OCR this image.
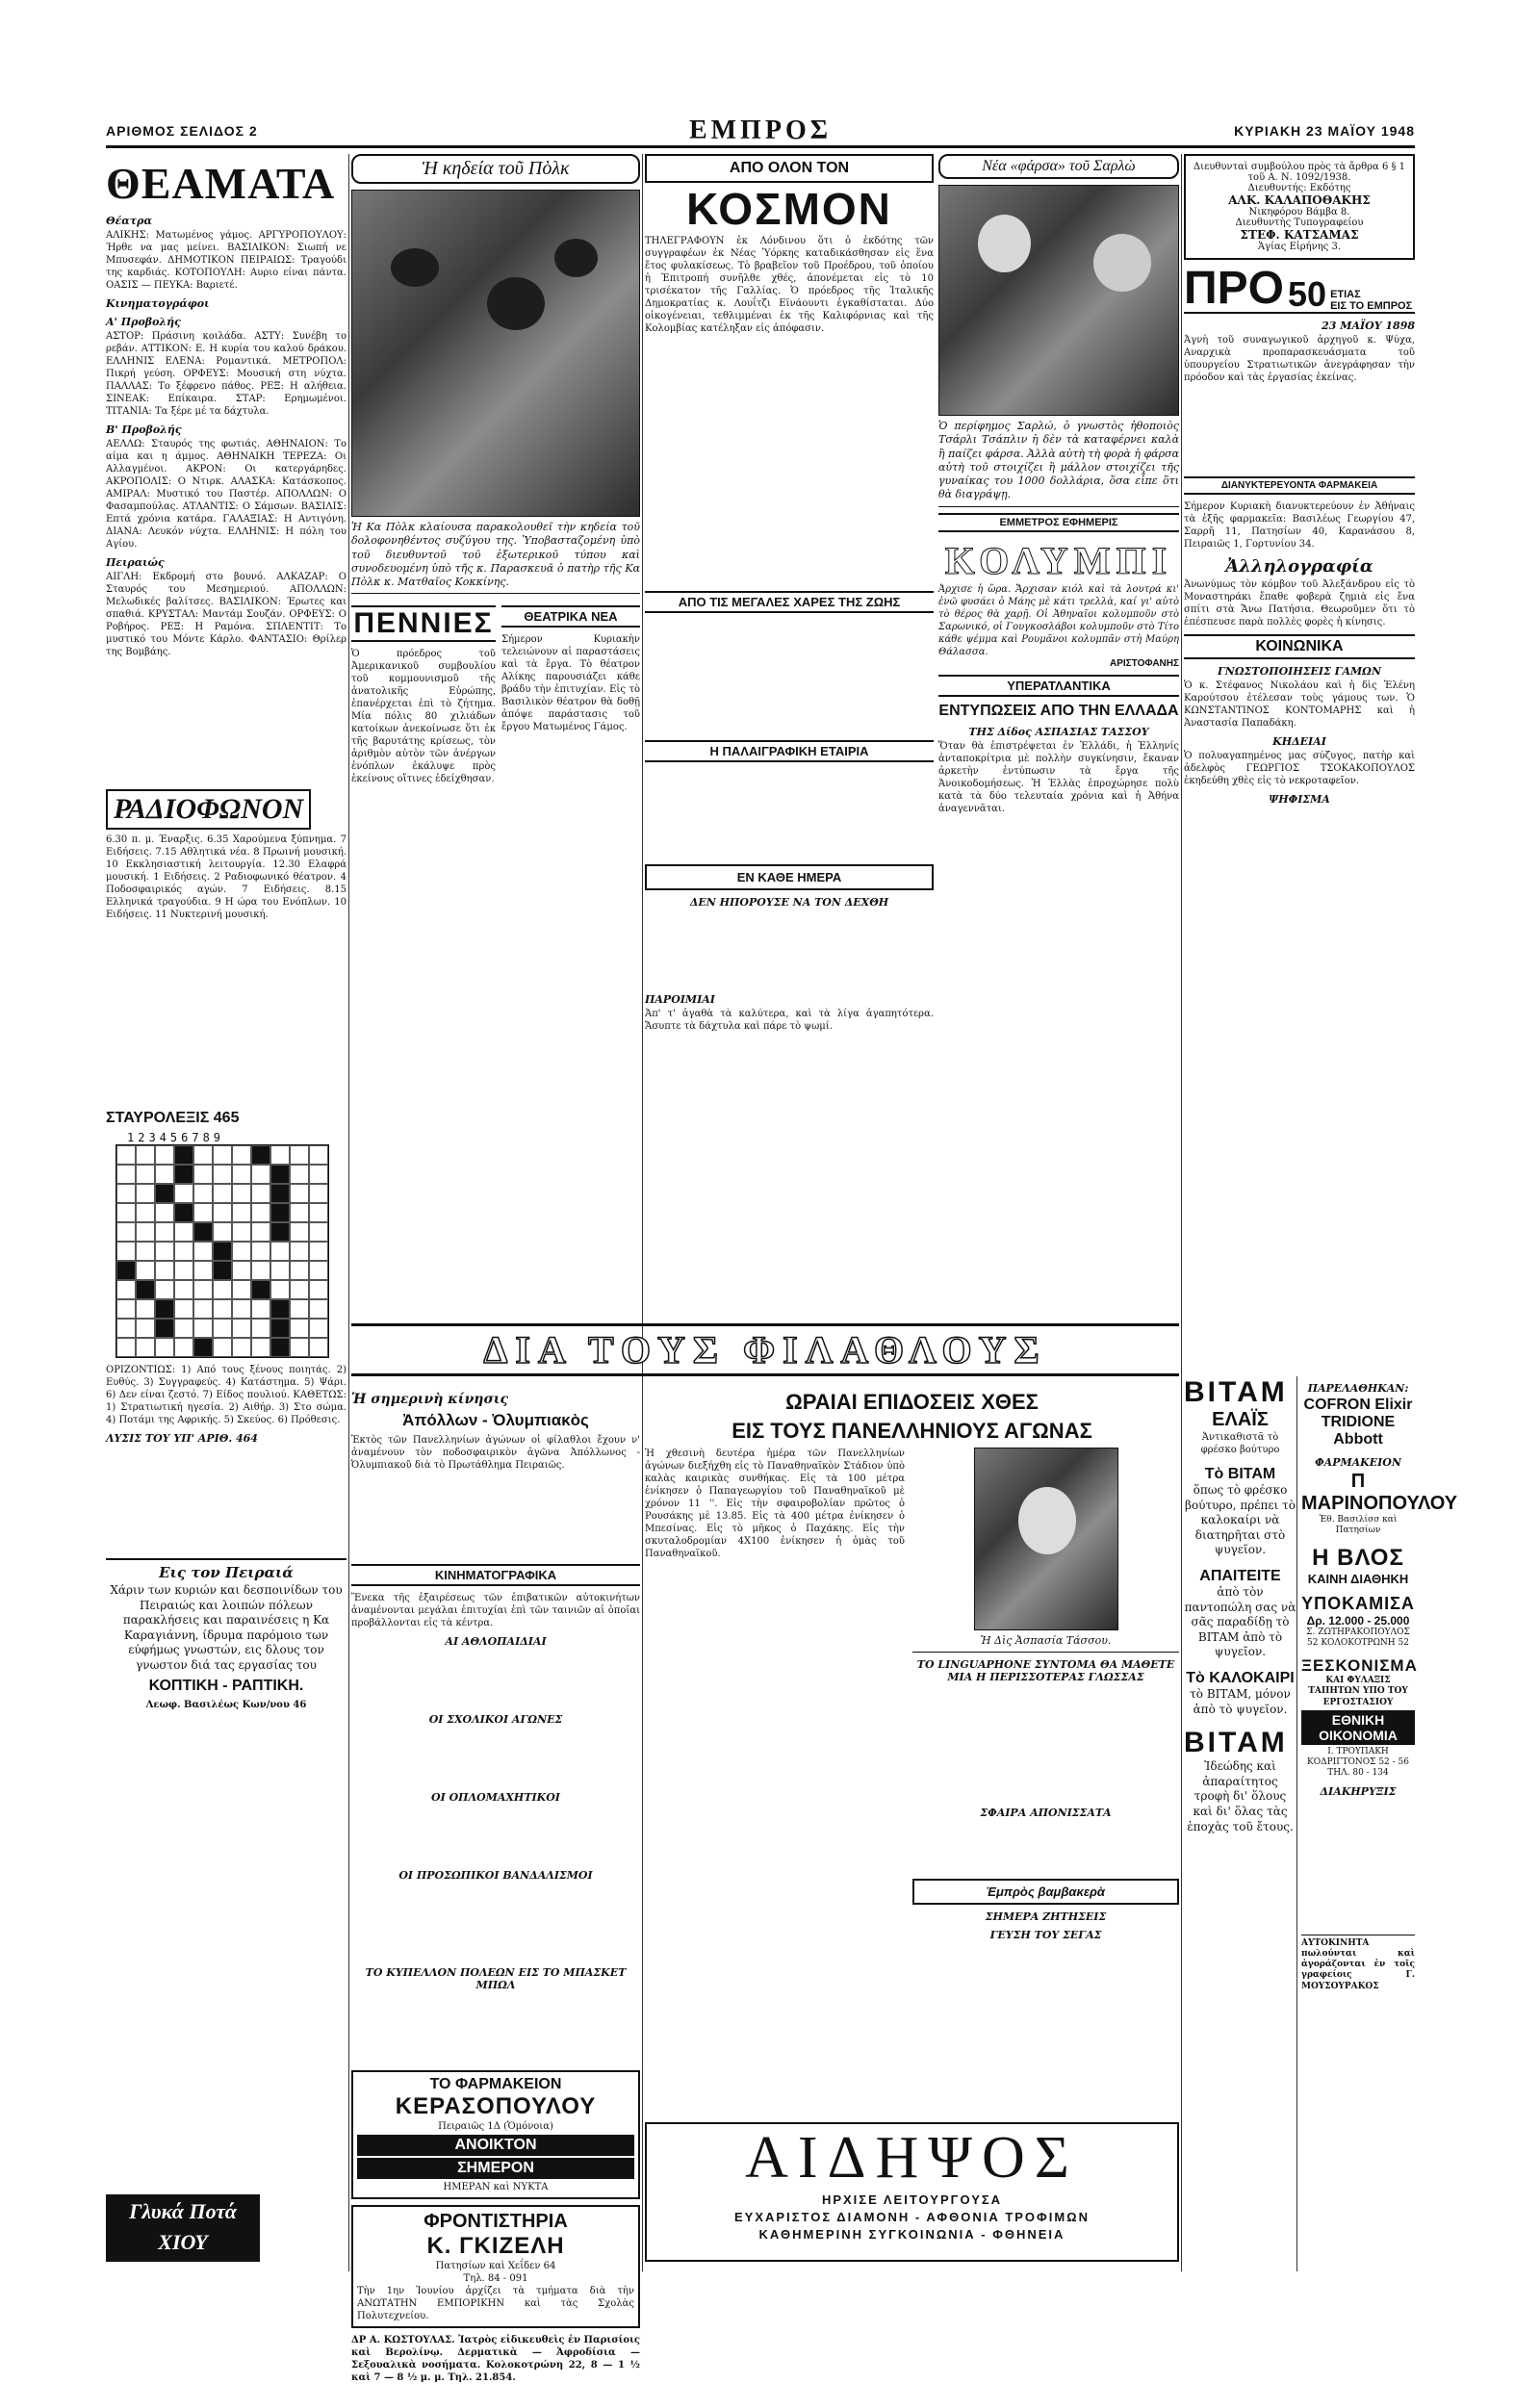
ΑΡΙΘΜΟΣ ΣΕΛΙΔΟΣ 2	ΕΜΠΡΟΣ	ΚΥΡΙΑΚΗ 23 ΜΑΪΟΥ 1948
ΘΕΑΜΑΤΑ
Θέατρα
ΑΛΙΚΗΣ: Ματωμένος γάμος. ΑΡΓΥΡΟΠΟΥΛΟΥ: Ήρθε να μας μείνει. ΒΑΣΙΛΙΚΟΝ: Σιωπή νε Μπυσεφάν. ΔΗΜΟΤΙΚΟΝ ΠΕΙΡΑΙΩΣ: Τραγούδι της καρδιάς. ΚΟΤΟΠΟΥΛΗ: Αυριο είναι πάντα. ΟΑΣΙΣ — ΠΕΥΚΑ: Βαριετέ.
Κινηματογράφοι
Α' Προβολής
ΑΣΤΟΡ: Πράσινη κοιλάδα. ΑΣΤΥ: Συνέβη το ρεβάν. ΑΤΤΙΚΟΝ: Ε. Η κυρία του καλού δράκου. ΕΛΛΗΝΙΣ ΕΛΕΝΑ: Ρομαντικά. ΜΕΤΡΟΠΟΛ: Πικρή γεύση. ΟΡΦΕΥΣ: Μουσική στη νύχτα. ΠΑΛΛΑΣ: Το ξέφρενο πάθος. ΡΕΞ: Η αλήθεια. ΣΙΝΕΑΚ: Επίκαιρα. ΣΤΑΡ: Ερημωμένοι. ΤΙΤΑΝΙΑ: Τα ξέρε μέ τα δάχτυλα.
Β' Προβολής
ΑΕΛΛΩ: Σταυρός της φωτιάς. ΑΘΗΝΑΙΟΝ: Το αίμα και η άμμος. ΑΘΗΝΑΙΚΗ ΤΕΡΕΖΑ: Οι Αλλαγμένοι. ΑΚΡΟΝ: Οι κατεργάρηδες. ΑΚΡΟΠΟΛΙΣ: Ο Ντιρκ. ΑΛΑΣΚΑ: Κατάσκοπος. ΑΜΙΡΑΛ: Μυστικό του Παστέρ. ΑΠΟΛΛΩΝ: Ο Φασαμπούλας. ΑΤΛΑΝΤΙΣ: Ο Σάμσων. ΒΑΣΙΛΙΣ: Επτά χρόνια κατάρα. ΓΑΛΑΞΙΑΣ: Η Αντιγόνη. ΔΙΑΝΑ: Λευκόν νύχτα. ΕΛΛΗΝΙΣ: Η πόλη του Αγίου.
Πειραιώς
ΑΙΓΛΗ: Εκδρομή στο βουνό. ΑΛΚΑΖΑΡ: Ο Σταυρός του Μεσημεριού. ΑΠΟΛΛΩΝ: Μελωδικές βαλίτσες. ΒΑΣΙΛΙΚΟΝ: Έρωτες και σπαθιά. ΚΡΥΣΤΑΛ: Μαντάμ Σουζάν. ΟΡΦΕΥΣ: Ο Ροβήρος. ΡΕΞ: Η Ραμόνα. ΣΠΛΕΝΤΙΤ: Το μυστικό του Μόντε Κάρλο. ΦΑΝΤΑΣΙΟ: Θρίλερ της Βομβάης.
ΡΑΔΙΟΦΩΝΟΝ
6.30 π. μ. Έναρξις. 6.35 Χαρούμενα ξύπνημα. 7 Ειδήσεις. 7.15 Αθλητικά νέα. 8 Πρωινή μουσική. 10 Εκκλησιαστική λειτουργία. 12.30 Ελαφρά μουσική. 1 Ειδήσεις. 2 Ραδιοφωνικό θέατρον. 4 Ποδοσφαιρικός αγών. 7 Ειδήσεις. 8.15 Ελληνικά τραγούδια. 9 Η ώρα του Ενόπλων. 10 Ειδήσεις. 11 Νυκτερινή μουσική.
ΣΤΑΥΡΟΛΕΞΙΣ 465
123456789
ΟΡΙΖΟΝΤΙΩΣ: 1) Από τους ξένους ποιητάς. 2) Ευθύς. 3) Συγγραφεύς. 4) Κατάστημα. 5) Ψάρι. 6) Δεν είναι ζεστό. 7) Είδος πουλιού. ΚΑΘΕΤΩΣ: 1) Στρατιωτική ηγεσία. 2) Αιθήρ. 3) Στο σώμα. 4) Ποτάμι της Αφρικής. 5) Σκεύος. 6) Πρόθεσις.
ΛΥΣΙΣ ΤΟΥ ΥΠ' ΑΡΙΘ. 464
Εις τον Πειραιά
Χάριν των κυριών και δεσποινίδων του Πειραιώς και λοιπών πόλεων παρακλήσεις και παραινέσεις η Κα Καραγιάννη, ίδρυμα παρόμοιο των εύφήμως γνωστών, εις δλους τον γνωστον διά τας εργασίας του
ΚΟΠΤΙΚΗ - ΡΑΠΤΙΚΗ.
Λεωφ. Βασιλέως Κων/νου 46
Γλυκά Ποτά ΧΙΟΥ
Ἡ κηδεία τοῦ Πὸλκ
Ἡ Κα Πὸλκ κλαίουσα παρακολουθεῖ τὴν κηδεία τοῦ δολοφονηθέντος συζύγου της. Ὑποβασταζομένη ὑπὸ τοῦ διευθυντοῦ τοῦ ἐξωτερικοῦ τύπου καὶ συνοδευομένη ὑπὸ τῆς κ. Παρασκευᾶ ὁ πατὴρ τῆς Κα Πὸλκ κ. Ματθαῖος Κοκκίνης.
ΠΕΝΝΙΕΣ
Ὁ πρόεδρος τοῦ Ἀμερικανικοῦ συμβουλίου τοῦ κομμουνισμοῦ τῆς ἀνατολικῆς Εὐρώπης, ἐπανέρχεται ἐπὶ τὸ ζήτημα. Μία πόλις 80 χιλιάδων κατοίκων ἀνεκοίνωσε ὅτι ἐκ τῆς βαρυτάτης κρίσεως, τὸν ἀριθμὸν αὐτὸν τῶν ἀνέργων ἐνόπλων ἐκάλυψε πρὸς ἐκείνους οἵτινες ἐδείχθησαν.
ΘΕΑΤΡΙΚΑ ΝΕΑ
Σήμερον Κυριακὴν τελειώνουν αἱ παραστάσεις καὶ τὰ ἔργα. Τὸ θέατρον Αλίκης παρουσιάζει κάθε βράδυ τὴν ἐπιτυχίαν. Εἰς τὸ Βασιλικὸν θέατρον θὰ δοθῇ ἀπόψε παράστασις τοῦ ἔργου Ματωμένος Γάμος.
ΑΠΟ ΟΛΟΝ ΤΟΝ
ΚΟΣΜΟΝ
ΤΗΛΕΓΡΑΦΟΥΝ ἐκ Λόνδινου ὅτι ὁ ἐκδότης τῶν συγγραφέων ἐκ Νέας Ὑόρκης καταδικάσθησαν εἰς ἕνα ἔτος φυλακίσεως. Τὸ βραβεῖον τοῦ Προέδρου, τοῦ ὁποίου ἡ Ἐπιτροπή συνῆλθε χθές, ἀπονέμεται εἰς τὸ 10 τρισέκατον τῆς Γαλλίας. Ὁ πρόεδρος τῆς Ἰταλικῆς Δημοκρατίας κ. Λουΐτζι Εϊνάουντι ἐγκαθίσταται. Δύο οἰκογένειαι, τεθλιμμέναι ἐκ τῆς Καλιφόρνιας καὶ τῆς Κολομβίας κατέληξαν εἰς ἀπόφασιν.
ΑΠΟ ΤΙΣ ΜΕΓΑΛΕΣ ΧΑΡΕΣ ΤΗΣ ΖΩΗΣ
Η ΠΑΛΑΙΓΡΑΦΙΚΗ ΕΤΑΙΡΙΑ
ΕΝ ΚΑΘΕ ΗΜΕΡΑ
ΔΕΝ ΗΠΟΡΟΥΣΕ ΝΑ ΤΟΝ ΔΕΧΘΗ
ΠΑΡΟΙΜΙΑΙ
Ἀπ' τ' ἀγαθὰ τὰ καλύτερα, καὶ τὰ λίγα ἀγαπητότερα. Ἄσυπτε τὰ δάχτυλα καὶ πάρε τὸ ψωμί.
Νέα «φάρσα» τοῦ Σαρλὼ
Ὁ περίφημος Σαρλώ, ὁ γνωστὸς ἠθοποιὸς Τσάρλι Τσάπλιν ἡ δὲν τὰ καταφέρνει καλὰ ἢ παίζει φάρσα. Ἀλλὰ αὐτὴ τὴ φορὰ ἡ φάρσα αὐτὴ τοῦ στοιχίζει ἢ μάλλον στοιχίζει τῆς γυναίκας του 1000 δολλάρια, ὅσα εἶπε ὅτι θὰ διαγράψῃ.
ΕΜΜΕΤΡΟΣ ΕΦΗΜΕΡΙΣ
ΚΟΛΥΜΠΙ
Ἀρχισε ἡ ὥρα. Ἄρχισαν κιόλ καὶ τὰ λουτρά κι' ἐνῶ φυσάει ὁ Μάης μὲ κάτι τρελλὰ, καί γι' αὐτὸ τὸ θέρος θὰ χαρῇ. Οἱ Ἀθηναῖοι κολυμποῦν στὸ Σαρωνικό, οἱ Γουγκοσλάβοι κολυμποῦν στὸ Τίτο κάθε ψέμμα καὶ Ρουμᾶνοι κολυμπᾶν στὴ Μαύρη Θάλασσα.
ΑΡΙΣΤΟΦΑΝΗΣ
ΥΠΕΡΑΤΛΑΝΤΙΚΑ
ΕΝΤΥΠΩΣΕΙΣ ΑΠΟ ΤΗΝ ΕΛΛΑΔΑ
ΤΗΣ Δίδος ΑΣΠΑΣΙΑΣ ΤΑΣΣΟΥ
Ὅταν θὰ ἐπιστρέψεται ἐν Ἑλλάδι, ἡ Ἑλληνίς ἀνταποκρίτρια μὲ πολλὴν συγκίνησιν, ἔκαναν ἀρκετὴν ἐντύπωσιν τὰ ἔργα τῆς Ἀνοικοδομήσεως. Ἡ Ἑλλὰς ἐπροχώρησε πολὺ κατὰ τὰ δύο τελευταία χρόνια καὶ ἡ Ἀθήνα ἀναγεννᾶται.
Διευθυνταὶ συμβούλου πρὸς τὰ ἄρθρα 6 § 1 τοῦ Α. Ν. 1092/1938.
Διευθυντής: Εκδότης
ΑΛΚ. ΚΑΛΑΠΟΘΑΚΗΣ
Νικηφόρου Βάμβα 8.
Διευθυντὴς Τυπογραφείου
ΣΤΕΦ. ΚΑΤΣΑΜΑΣ
Ἁγίας Εἰρήνης 3.
ΠΡΟ 50 ΕΤΙΑΣ
ΕΙΣ ΤΟ ΕΜΠΡΟΣ
23 ΜΑΪΟΥ 1898
Ἀγνὴ τοῦ συναγωγικοῦ ἀρχηγοῦ κ. Ψύχα, Αναρχικὰ προπαρασκευάσματα τοῦ ὑπουργείου Στρατιωτικῶν ἀνεγράφησαν τὴν πρόοδον καὶ τὰς ἐργασίας ἐκείνας.
ΔΙΑΝΥΚΤΕΡΕΥΟΝΤΑ ΦΑΡΜΑΚΕΙΑ
Σήμερον Κυριακὴ διανυκτερεύουν ἐν Ἀθήναις τὰ ἑξῆς φαρμακεῖα: Βασιλέως Γεωργίου 47, Σαρρῆ 11, Πατησίων 40, Καρανάσου 8, Πειραιῶς 1, Γορτυνίου 34.
Ἀλληλογραφία
Ἀνωνύμως τὸν κόμβον τοῦ Ἀλεξάνδρου εἰς τὸ Μοναστηράκι ἔπαθε φοβερὰ ζημιὰ εἰς ἔνα σπίτι στὰ Ἄνω Πατήσια. Θεωροῦμεν ὅτι τὸ ἐπέσπευσε παρὰ πολλὲς φορὲς ἡ κίνησις.
ΚΟΙΝΩΝΙΚΑ
ΓΝΩΣΤΟΠΟΙΗΣΕΙΣ ΓΑΜΩΝ
Ὁ κ. Στέφανος Νικολάου καὶ ἡ δὶς Ἑλένη Καρούτσου ἐτέλεσαν τοὺς γάμους των. Ὁ ΚΩΝΣΤΑΝΤΙΝΟΣ ΚΟΝΤΟΜΑΡΗΣ καὶ ἡ Ἀναστασία Παπαδάκη.
ΚΗΔΕΙΑΙ
Ὁ πολυαγαπημένος μας σύζυγος, πατὴρ καὶ ἀδελφὸς ΓΕΩΡΓΙΟΣ ΤΣΟΚΑΚΟΠΟΥΛΟΣ ἐκηδεύθη χθὲς εἰς τὸ νεκροταφεῖον.
ΨΗΦΙΣΜΑ
ΒΙΤΑΜ
ΕΛΑΪΣ
Ἀντικαθιστᾶ τὸ φρέσκο βούτυρο
Τὸ ΒΙΤΑΜ
ὅπως τὸ φρέσκο βούτυρο, πρέπει τὸ καλοκαίρι νὰ διατηρῆται στὸ ψυγεῖον.
ΑΠΑΙΤΕΙΤΕ
ἀπὸ τὸν παντοπώλη σας νὰ σᾶς παραδίδῃ τὸ ΒΙΤΑΜ ἀπὸ τὸ ψυγεῖον.
Τὸ ΚΑΛΟΚΑΙΡΙ
τὸ ΒΙΤΑΜ, μόνον ἀπὸ τὸ ψυγεῖον.
ΒΙΤΑΜ
Ἰδεώδης καὶ ἀπαραίτητος τροφὴ δι' ὅλους καὶ δι' ὅλας τὰς ἐποχὰς τοῦ ἔτους.
ΠΑΡΕΛΑΘΗΚΑΝ:
COFRON Elixir TRIDIONE Abbott
ΦΑΡΜΑΚΕΙΟΝ
Π ΜΑΡΙΝΟΠΟΥΛΟΥ
Ἐθ. Βασιλίσσ καὶ Πατησίων
Η ΒΛΟΣ
ΚΑΙΝΗ ΔΙΑΘΗΚΗ
ΥΠΟΚΑΜΙΣΑ
Δρ. 12.000 - 25.000
Σ. ΖΩΤΗΡΑΚΟΠΟΥΛΟΣ
52 ΚΟΛΟΚΟΤΡΩΝΗ 52
ΞΕΣΚΟΝΙΣΜΑ
ΚΑΙ ΦΥΛΑΞΙΣ ΤΑΠΗΤΩΝ ΥΠΟ ΤΟΥ ΕΡΓΟΣΤΑΣΙΟΥ
ΕΘΝΙΚΗ ΟΙΚΟΝΟΜΙΑ
Ι. ΤΡΟΥΠΑΚΗ ΚΟΔΡΙΓΤΟΝΟΣ 52 - 56
ΤΗΛ. 80 - 134
ΔΙΑΚΗΡΥΞΙΣ
ΑΥΤΟΚΙΝΗΤΑ πωλούνται καὶ ἀγοράζονται ἐν τοῖς γραφείοις Γ. ΜΟΥΣΟΥΡΑΚΟΣ
ΔΙΑ ΤΟΥΣ ΦΙΛΑΘΛΟΥΣ
Ἡ σημερινὴ κίνησις
Ἀπόλλων - Ὀλυμπιακὸς
Ἐκτὸς τῶν Πανελληνίων ἀγώνων οἱ φίλαθλοι ἔχουν ν' ἀναμένουν τὸν ποδοσφαιρικὸν ἀγῶνα Ἀπόλλωνος - Ὀλυμπιακοῦ διὰ τὸ Πρωτάθλημα Πειραιῶς.
ΚΙΝΗΜΑΤΟΓΡΑΦΙΚΑ
Ἕνεκα τῆς ἐξαιρέσεως τῶν ἐπιβατικῶν αὐτοκινήτων ἀναμένονται μεγάλαι ἐπιτυχίαι ἐπὶ τῶν ταινιῶν αἱ ὁποῖαι προβάλλονται εἰς τὰ κέντρα.
ΑΙ ΑΘΛΟΠΑΙΔΙΑΙ
ΟΙ ΣΧΟΛΙΚΟΙ ΑΓΩΝΕΣ
ΟΙ ΟΠΛΟΜΑΧΗΤΙΚΟΙ
ΟΙ ΠΡΟΣΩΠΙΚΟΙ ΒΑΝΔΑΛΙΣΜΟΙ
ΤΟ ΚΥΠΕΛΛΟΝ ΠΟΛΕΩΝ ΕΙΣ ΤΟ ΜΠΑΣΚΕΤ ΜΠΩΛ
ΤΟ ΦΑΡΜΑΚΕΙΟΝ
ΚΕΡΑΣΟΠΟΥΛΟΥ
Πειραιῶς 1Δ (Ὁμόνοια)
ΑΝΟΙΚΤΟΝ
ΣΗΜΕΡΟΝ
ΗΜΕΡΑΝ καὶ ΝΥΚΤΑ
ΦΡΟΝΤΙΣΤΗΡΙΑ
Κ. ΓΚΙΖΕΛΗ
Πατησίων καὶ Χεΐδεν 64
Τηλ. 84 - 091
Τὴν 1ην Ἰουνίου ἀρχίζει τὰ τμήματα διὰ τὴν ΑΝΩΤΑΤΗΝ ΕΜΠΟΡΙΚΗΝ καὶ τὰς Σχολὰς Πολυτεχνείου.
ΔΡ Α. ΚΩΣΤΟΥΛΑΣ. Ἰατρὸς εἰδικευθεὶς ἐν Παρισίοις καὶ Βερολίνῳ. Δερματικὰ — Ἀφροδίσια — Σεξουαλικὰ νοσήματα. Κολοκοτρώνη 22, 8 — 1 ½ καὶ 7 — 8 ½ μ. μ. Τηλ. 21.854.
ΩΡΑΙΑΙ ΕΠΙΔΟΣΕΙΣ ΧΘΕΣ
ΕΙΣ ΤΟΥΣ ΠΑΝΕΛΛΗΝΙΟΥΣ ΑΓΩΝΑΣ
Ἡ χθεσινὴ δευτέρα ἡμέρα τῶν Πανελληνίων ἀγώνων διεξήχθη εἰς τὸ Παναθηναϊκὸν Στάδιον ὑπὸ καλὰς καιρικὰς συνθήκας. Εἰς τὰ 100 μέτρα ἐνίκησεν ὁ Παπαγεωργίου τοῦ Παναθηναϊκοῦ μὲ χρόνον 11 ''. Εἰς τὴν σφαιροβολίαν πρῶτος ὁ Ρουσάκης μὲ 13.85. Εἰς τὰ 400 μέτρα ἐνίκησεν ὁ Μπεσίνας. Εἰς τὸ μῆκος ὁ Παχάκης. Εἰς τὴν σκυταλοδρομίαν 4Χ100 ἐνίκησεν ἡ ὁμὰς τοῦ Παναθηναϊκοῦ.
Ἡ Δὶς Ἀσπασία Τάσσου.
ΤΟ LINGUAPHONE ΣΥΝΤΟΜΑ ΘΑ ΜΑΘΕΤΕ ΜΙΑ Η ΠΕΡΙΣΣΟΤΕΡΑΣ ΓΛΩΣΣΑΣ
ΣΦΑΙΡΑ ΑΠΟΝΙΣΣΑΤΑ
Ἐμπρὸς βαμβακερὰ
ΣΗΜΕΡΑ ΖΗΤΗΣΕΙΣ
ΓΕΥΣΗ ΤΟΥ ΣΕΓΑΣ
ΑΙΔΗΨΟΣ
ΗΡΧΙΣΕ ΛΕΙΤΟΥΡΓΟΥΣΑ
ΕΥΧΑΡΙΣΤΟΣ ΔΙΑΜΟΝΗ - ΑΦΘΟΝΙΑ ΤΡΟΦΙΜΩΝ
ΚΑΘΗΜΕΡΙΝΗ ΣΥΓΚΟΙΝΩΝΙΑ - ΦΘΗΝΕΙΑ
